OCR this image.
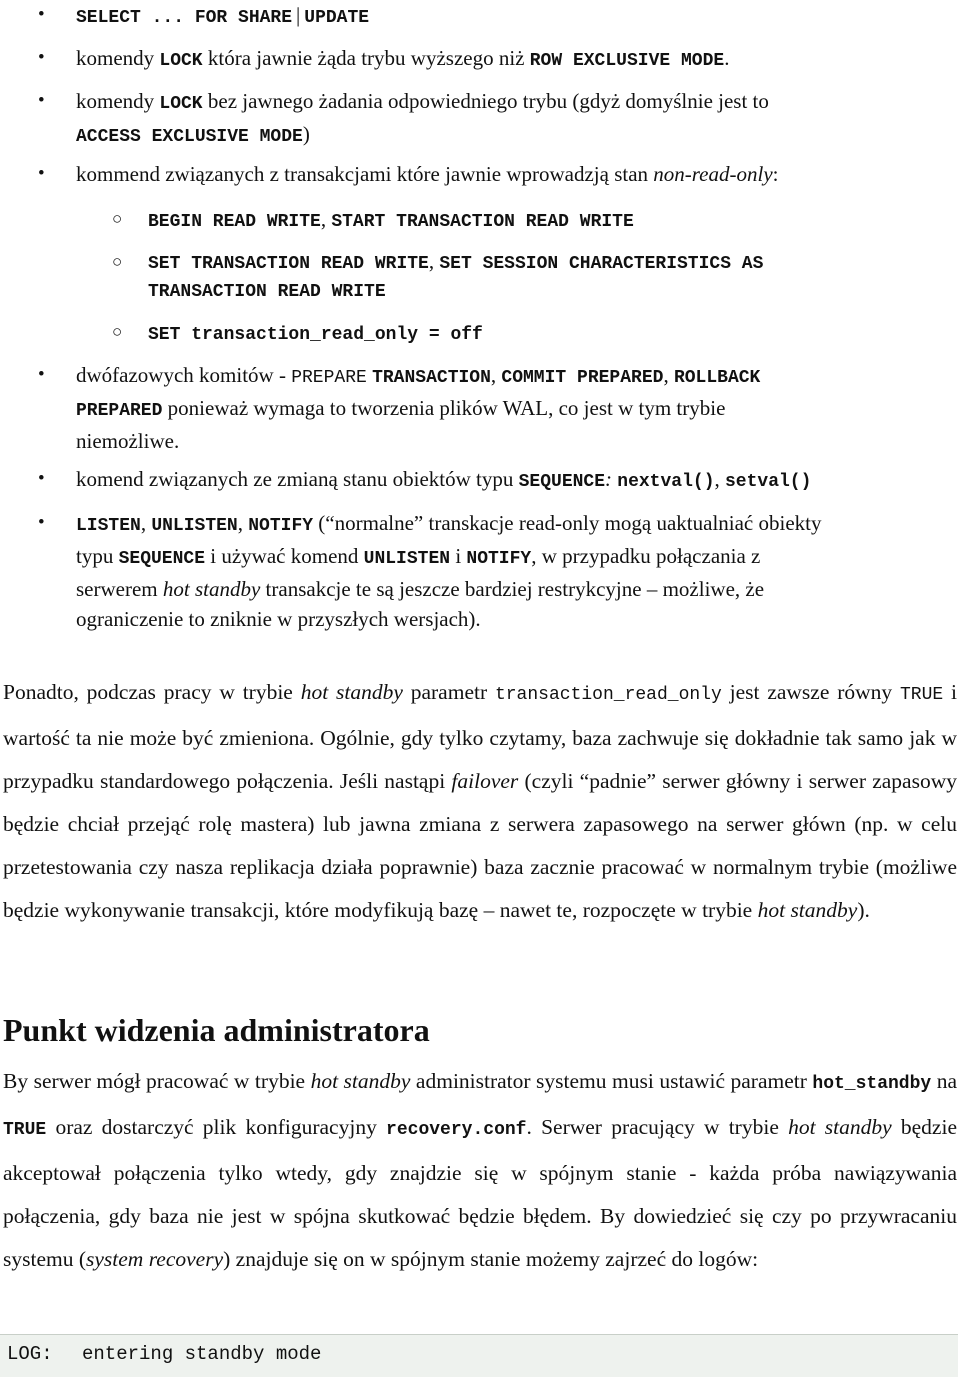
• SELECT ... FOR SHARE | UPDATE
• komendy LOCK która jawnie żąda trybu wyższego niż ROW EXCLUSIVE MODE.
• komendy LOCK bez jawnego żadania odpowiedniego trybu (gdyż domyślnie jest to
ACCESS EXCLUSIVE MODE)
• kommend związanych z transakcjami które jawnie wprowadzją stan non-read-only:
○ BEGIN READ WRITE, START TRANSACTION READ WRITE
○ SET TRANSACTION READ WRITE, SET SESSION CHARACTERISTICS AS
TRANSACTION READ WRITE
○ SET transaction_read_only = off
• dwófazowych komitów - PREPARE TRANSACTION, COMMIT PREPARED, ROLLBACK
PREPARED ponieważ wymaga to tworzenia plików WAL, co jest w tym trybie
niemożliwe.
• komend związanych ze zmianą stanu obiektów typu SEQUENCE: nextval(), setval()
• LISTEN, UNLISTEN, NOTIFY (“normalne” transkacje read-only mogą uaktualniać obiekty
typu SEQUENCE i używać komend UNLISTEN i NOTIFY, w przypadku połączania z
serwerem hot standby transakcje te są jeszcze bardziej restrykcyjne – możliwe, że
ograniczenie to zniknie w przyszłych wersjach).

Ponadto, podczas pracy w trybie hot standby parametr transaction_read_only jest zawsze równy TRUE i wartość ta nie może być zmieniona. Ogólnie, gdy tylko czytamy, baza zachwuje się dokładnie tak samo jak w przypadku standardowego połączenia. Jeśli nastąpi failover (czyli “padnie” serwer główny i serwer zapasowy będzie chciał przejąć rolę mastera) lub jawna zmiana z serwera zapasowego na serwer główn (np. w celu przetestowania czy nasza replikacja działa poprawnie) baza zacznie pracować w normalnym trybie (możliwe będzie wykonywanie transakcji, które modyfikują bazę – nawet te, rozpoczęte w trybie hot standby).

Punkt widzenia administratora

By serwer mógł pracować w trybie hot standby administrator systemu musi ustawić parametr hot_standby na TRUE oraz dostarczyć plik konfiguracyjny recovery.conf. Serwer pracujący w trybie hot standby będzie akceptował połączenia tylko wtedy, gdy znajdzie się w spójnym stanie - każda próba nawiązywania połączenia, gdy baza nie jest w spójna skutkować będzie błędem. By dowiedzieć się czy po przywracaniu systemu (system recovery) znajduje się on w spójnym stanie możemy zajrzeć do logów:

LOG: entering standby mode
